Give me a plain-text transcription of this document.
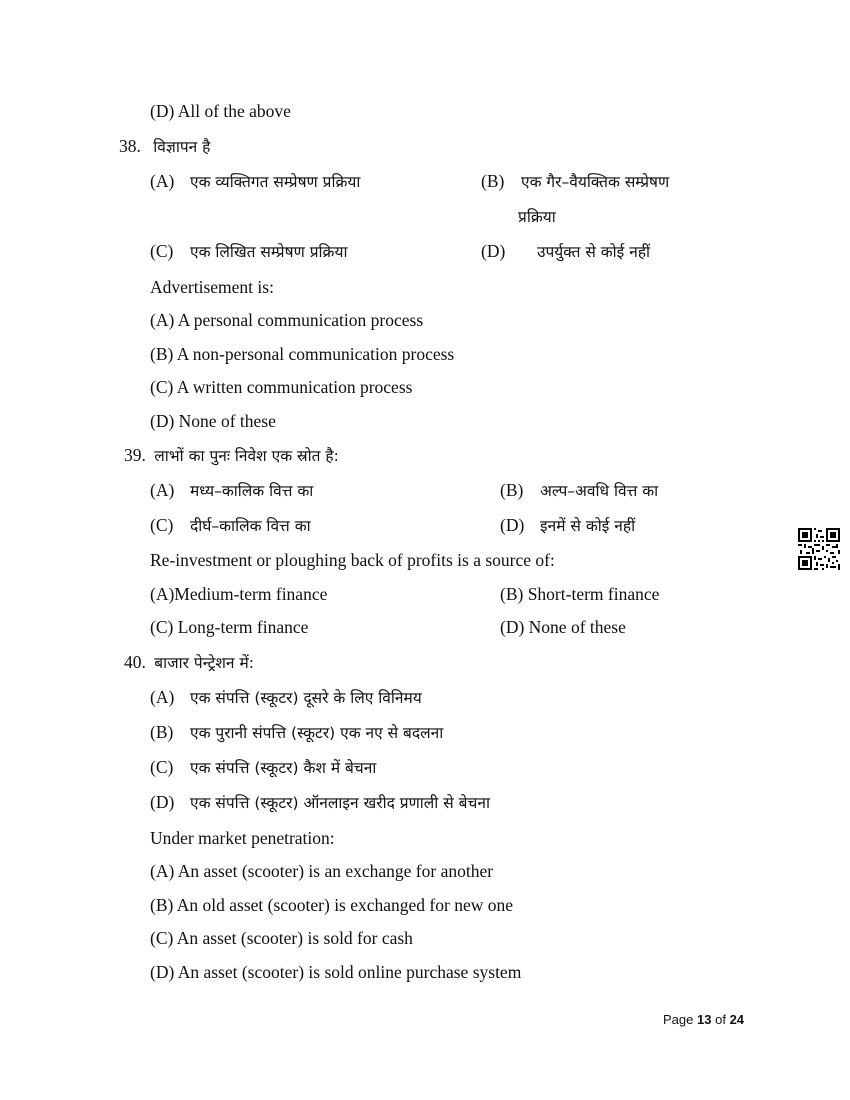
(D) All of the above
38. विज्ञापन है
(A) एक व्यक्तिगत सम्प्रेषण प्रक्रिया	(B) एक गैर–वैयक्तिक सम्प्रेषण
प्रक्रिया
(C) एक लिखित सम्प्रेषण प्रक्रिया	(D) उपर्युक्त से कोई नहीं
Advertisement is:
(A) A personal communication process
(B) A non-personal communication process
(C) A written communication process
(D) None of these
39. लाभों का पुनः निवेश एक स्रोत है:
(A) मध्य–कालिक वित्त का	(B) अल्प–अवधि वित्त का
(C) दीर्घ–कालिक वित्त का	(D) इनमें से कोई नहीं
Re-investment or ploughing back of profits is a source of:
(A)Medium-term finance	(B) Short-term finance
(C) Long-term finance	(D) None of these
40. बाजार पेन्ट्रेशन में:
(A) एक संपत्ति (स्कूटर) दूसरे के लिए विनिमय
(B) एक पुरानी संपत्ति (स्कूटर) एक नए से बदलना
(C) एक संपत्ति (स्कूटर) कैश में बेचना
(D) एक संपत्ति (स्कूटर) ऑनलाइन खरीद प्रणाली से बेचना
Under market penetration:
(A) An asset (scooter) is an exchange for another
(B) An old asset (scooter) is exchanged for new one
(C) An asset (scooter) is sold for cash
(D) An asset (scooter) is sold online purchase system
Page 13 of 24
